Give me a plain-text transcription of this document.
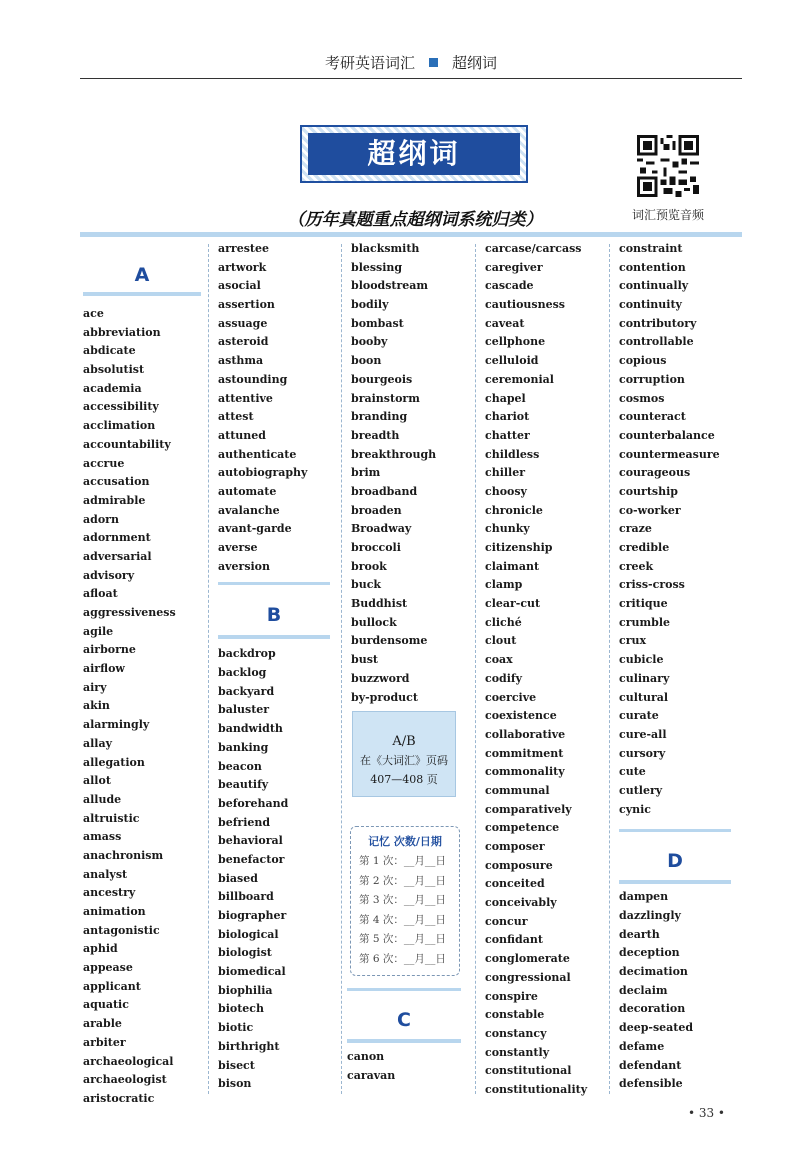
考研英语词汇 超纲词
超纲词
（历年真题重点超纲词系统归类）	词汇预览音频
A
ace
abbreviation
abdicate
absolutist
academia
accessibility
acclimation
accountability
accrue
accusation
admirable
adorn
adornment
adversarial
advisory
afloat
aggressiveness
agile
airborne
airflow
airy
akin
alarmingly
allay
allegation
allot
allude
altruistic
amass
anachronism
analyst
ancestry
animation
antagonistic
aphid
appease
applicant
aquatic
arable
arbiter
archaeological
archaeologist
aristocratic
arrestee
artwork
asocial
assertion
assuage
asteroid
asthma
astounding
attentive
attest
attuned
authenticate
autobiography
automate
avalanche
avant-garde
averse
aversion
B
backdrop
backlog
backyard
baluster
bandwidth
banking
beacon
beautify
beforehand
befriend
behavioral
benefactor
biased
billboard
biographer
biological
biologist
biomedical
biophilia
biotech
biotic
birthright
bisect
bison
blacksmith
blessing
bloodstream
bodily
bombast
booby
boon
bourgeois
brainstorm
branding
breadth
breakthrough
brim
broadband
broaden
Broadway
broccoli
brook
buck
Buddhist
bullock
burdensome
bust
buzzword
by-product
A/B
在《大词汇》页码
407—408 页
记忆 次数/日期
第 1 次：__月__日
第 2 次：__月__日
第 3 次：__月__日
第 4 次：__月__日
第 5 次：__月__日
第 6 次：__月__日
C
canon
caravan
carcase/carcass
caregiver
cascade
cautiousness
caveat
cellphone
celluloid
ceremonial
chapel
chariot
chatter
childless
chiller
choosy
chronicle
chunky
citizenship
claimant
clamp
clear-cut
cliché
clout
coax
codify
coercive
coexistence
collaborative
commitment
commonality
communal
comparatively
competence
composer
composure
conceited
conceivably
concur
confidant
conglomerate
congressional
conspire
constable
constancy
constantly
constitutional
constitutionality
constraint
contention
continually
continuity
contributory
controllable
copious
corruption
cosmos
counteract
counterbalance
countermeasure
courageous
courtship
co-worker
craze
credible
creek
criss-cross
critique
crumble
crux
cubicle
culinary
cultural
curate
cure-all
cursory
cute
cutlery
cynic
D
dampen
dazzlingly
dearth
deception
decimation
declaim
decoration
deep-seated
defame
defendant
defensible
• 33 •
